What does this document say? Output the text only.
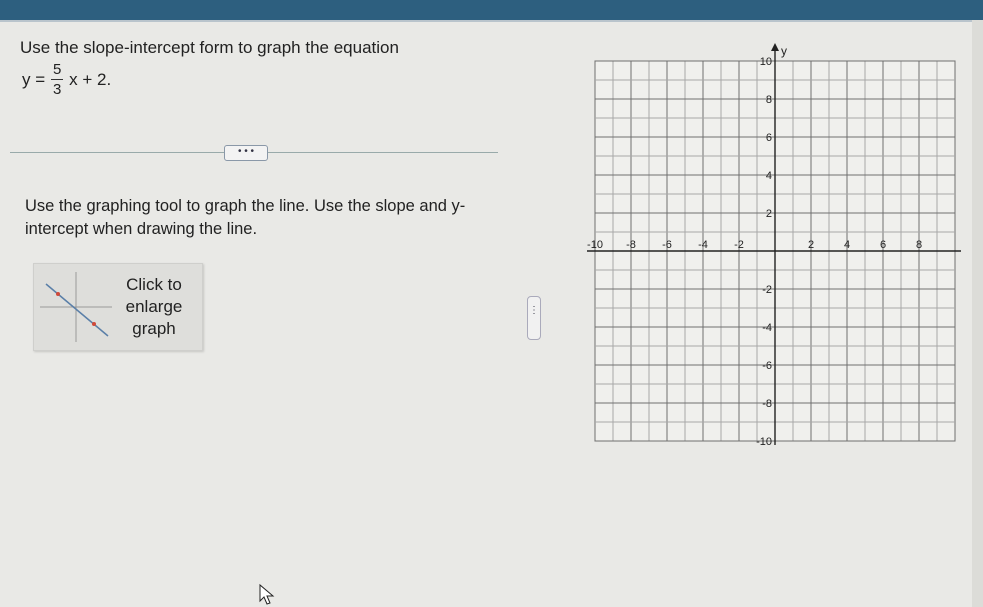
Use the slope-intercept form to graph the equation
$y = \frac{5}{3}$ x + 2.
• • •
Use the graphing tool to graph the line. Use the slope and y-intercept when drawing the line.
Click to
enlarge
graph
⋮
y
-10 -8 -6 -4 -2	2	4	6	8
10
8
6
4
2
-2
-4
-6
-8
-10
